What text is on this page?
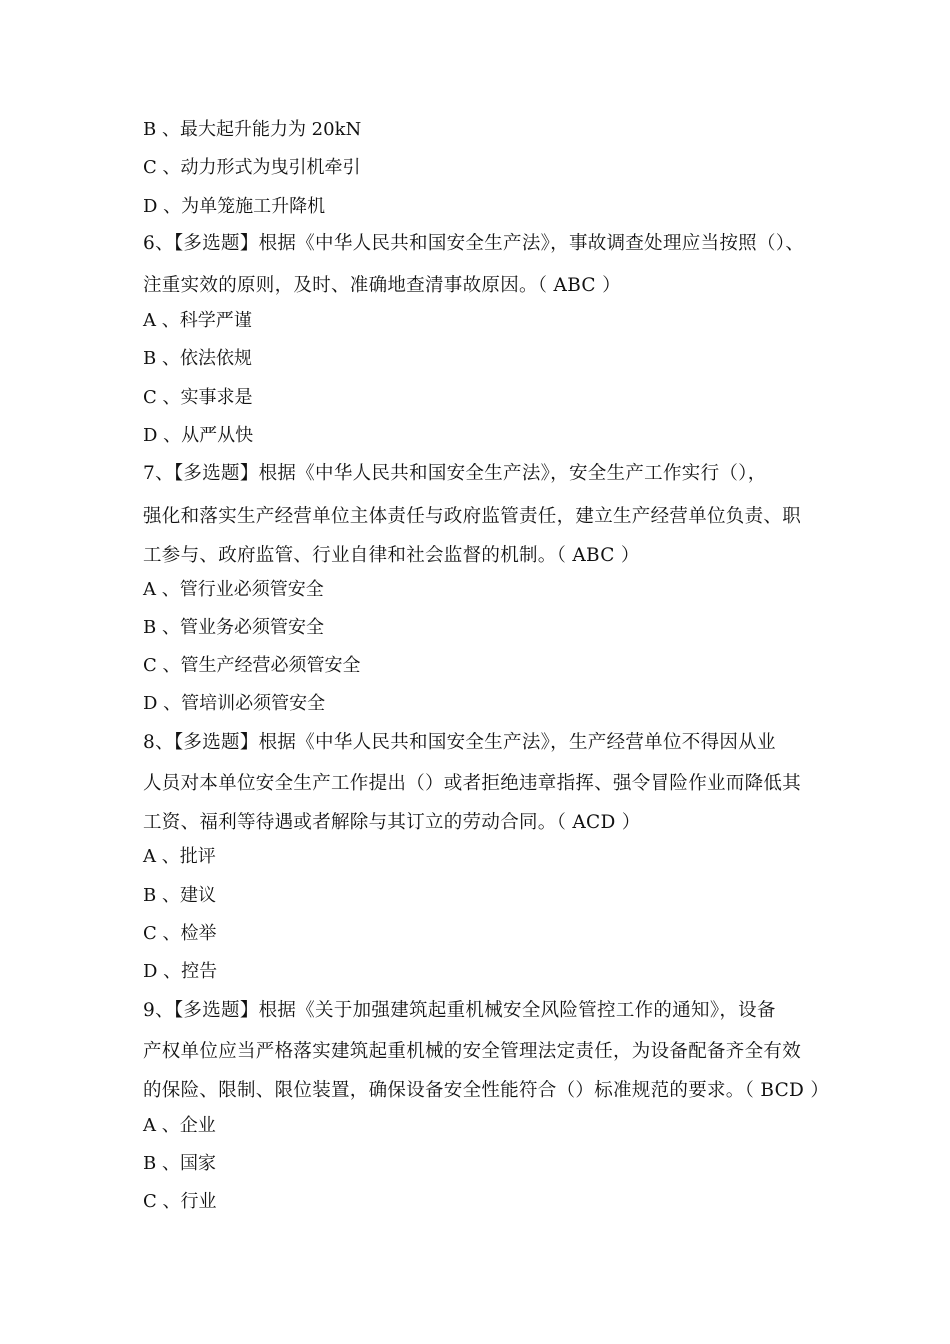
B 、最大起升能力为 20kN
C 、动力形式为曳引机牵引
D 、为单笼施工升降机
6、【多选题】根据《中华人民共和国安全生产法》，事故调查处理应当按照（）、
注重实效的原则，及时、准确地查清事故原因。（ ABC ）
A 、科学严谨
B 、依法依规
C 、实事求是
D 、从严从快
7、【多选题】根据《中华人民共和国安全生产法》，安全生产工作实行（），
强化和落实生产经营单位主体责任与政府监管责任，建立生产经营单位负责、职
工参与、政府监管、行业自律和社会监督的机制。（ ABC ）
A 、管行业必须管安全
B 、管业务必须管安全
C 、管生产经营必须管安全
D 、管培训必须管安全
8、【多选题】根据《中华人民共和国安全生产法》，生产经营单位不得因从业
人员对本单位安全生产工作提出（）或者拒绝违章指挥、强令冒险作业而降低其
工资、福利等待遇或者解除与其订立的劳动合同。（ ACD ）
A 、批评
B 、建议
C 、检举
D 、控告
9、【多选题】根据《关于加强建筑起重机械安全风险管控工作的通知》，设备
产权单位应当严格落实建筑起重机械的安全管理法定责任，为设备配备齐全有效
的保险、限制、限位装置，确保设备安全性能符合（）标准规范的要求。（ BCD ）
A 、企业
B 、国家
C 、行业
